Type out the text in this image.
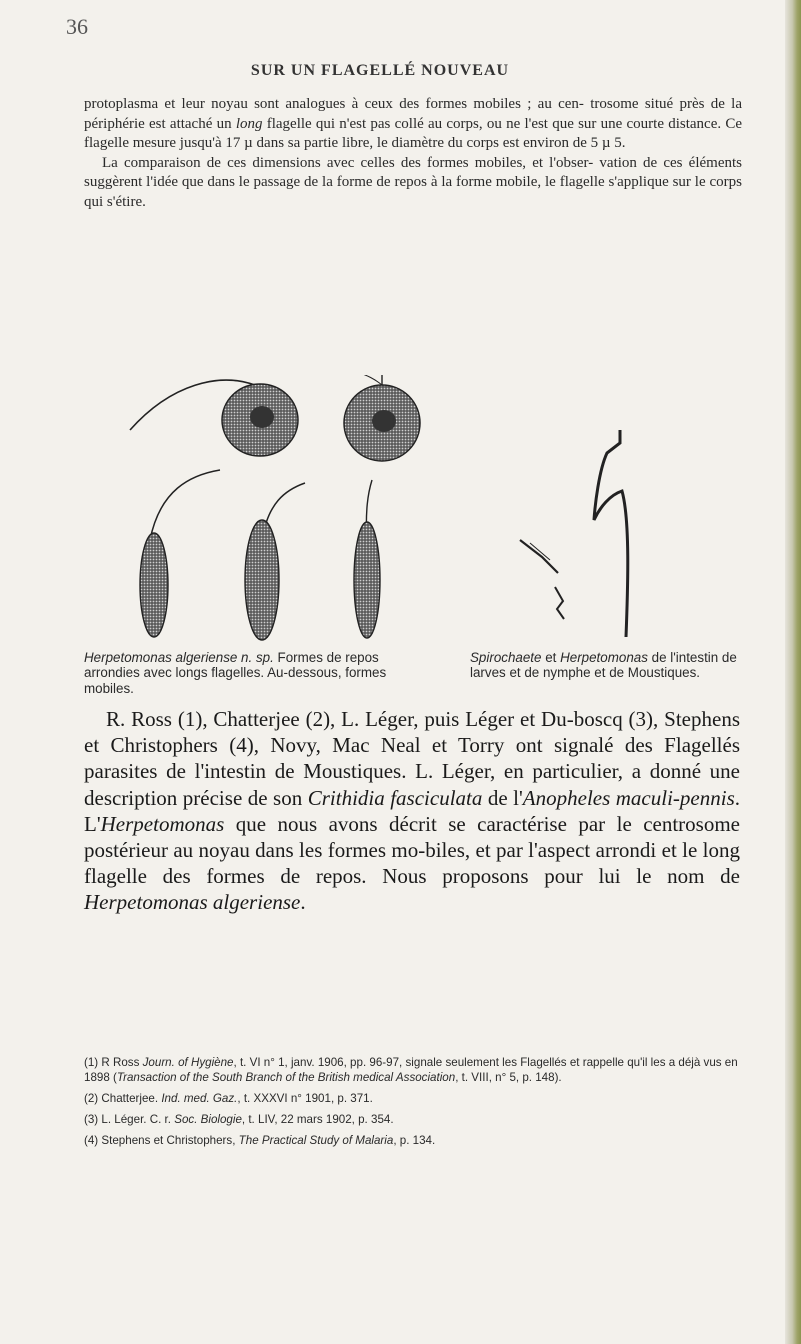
36
SUR UN FLAGELLÉ NOUVEAU

protoplasma et leur noyau sont analogues à ceux des formes mobiles ; au cen- trosome situé près de la périphérie est attaché un long flagelle qui n'est pas collé au corps, ou ne l'est que sur une courte distance. Ce flagelle mesure jusqu'à 17 µ dans sa partie libre, le diamètre du corps est environ de 5 µ 5.

La comparaison de ces dimensions avec celles des formes mobiles, et l'obser- vation de ces éléments suggèrent l'idée que dans le passage de la forme de repos à la forme mobile, le flagelle s'applique sur le corps qui s'étire.

Herpetomonas algeriense n. sp. Formes de repos arrondies avec longs flagelles. Au-dessous, formes mobiles.
Spirochaete et Herpetomonas de l'intestin de larves et de nymphe et de Moustiques.

R. Ross (1), Chatterjee (2), L. Léger, puis Léger et Du-boscq (3), Stephens et Christophers (4), Novy, Mac Neal et Torry ont signalé des Flagellés parasites de l'intestin de Moustiques. L. Léger, en particulier, a donné une description précise de son Crithidia fasciculata de l'Anopheles maculi-pennis. L'Herpetomonas que nous avons décrit se caractérise par le centrosome postérieur au noyau dans les formes mo-biles, et par l'aspect arrondi et le long flagelle des formes de repos. Nous proposons pour lui le nom de Herpetomonas algeriense.

(1) R Ross Journ. of Hygiène, t. VI n° 1, janv. 1906, pp. 96-97, signale seulement les Flagellés et rappelle qu'il les a déjà vus en 1898 (Transaction of the South Branch of the British medical Association, t. VIII, n° 5, p. 148).

(2) Chatterjee. Ind. med. Gaz., t. XXXVI n° 1901, p. 371.

(3) L. Léger. C. r. Soc. Biologie, t. LIV, 22 mars 1902, p. 354.

(4) Stephens et Christophers, The Practical Study of Malaria, p. 134.
